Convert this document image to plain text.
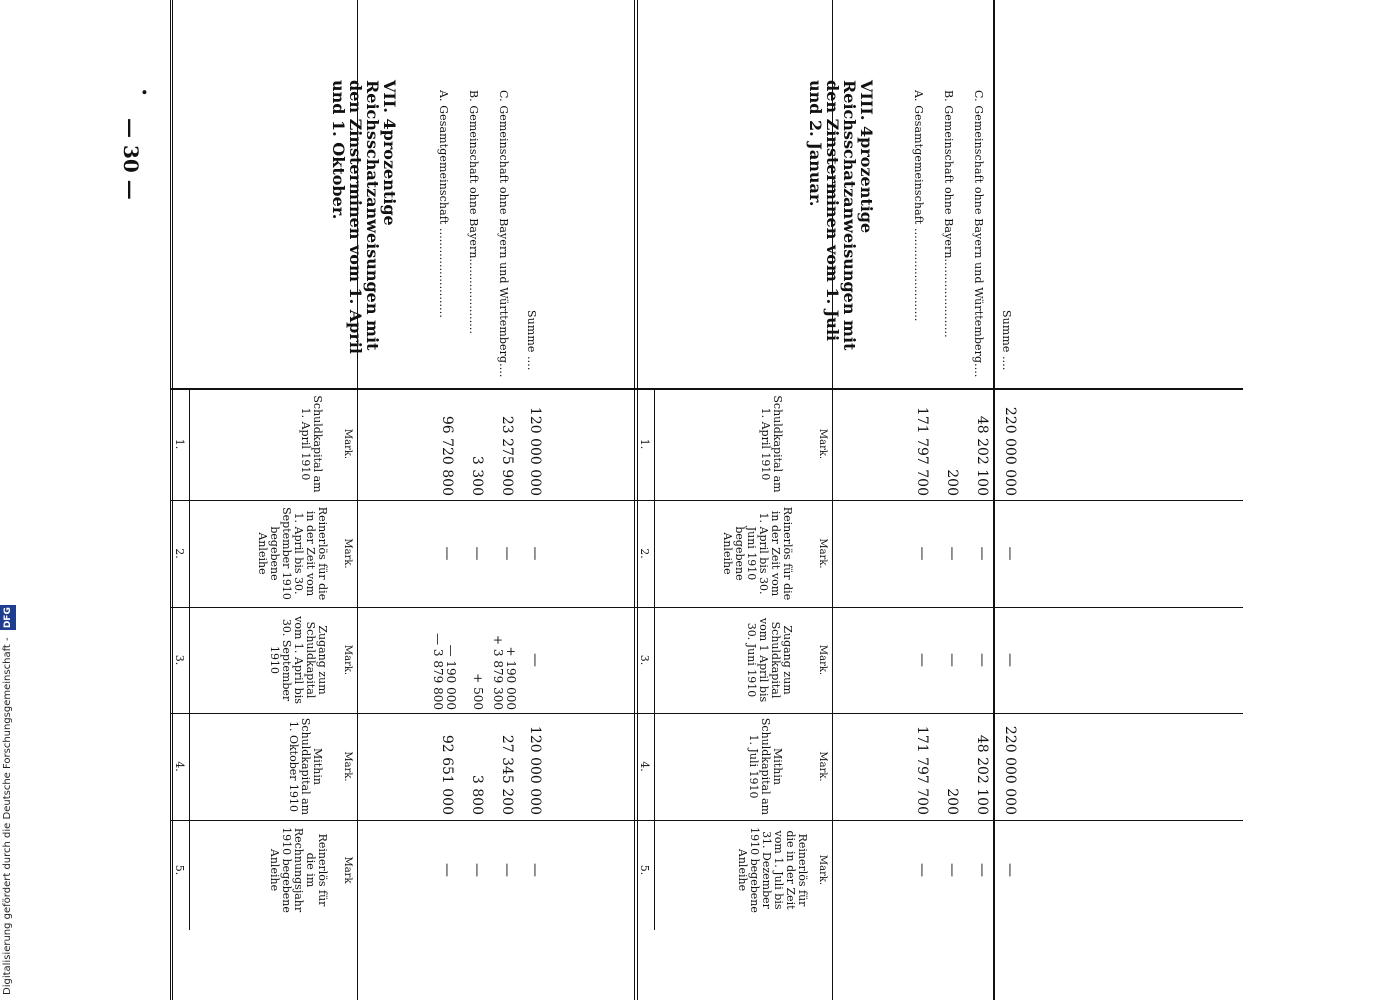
— 30 —
•
1.
2.
3.
4.
5.
Schuldkapital am 1. April 1910
Reinerlös für die in der Zeit vom 1. April bis 30. September 1910 begebene Anleihe
Zugang zum Schuldkapital vom 1. April bis 30. September 1910
Mithin Schuldkapital am 1. Oktober 1910
Reinerlös für die im Rechnungsjahr 1910 begebene Anleihe
Mark.
Mark.
Mark.
Mark.
Mark
VII. 4prozentige Reichsschatzanweisungen mit den Zinsterminen vom 1. April und 1. Oktober.	A. Gesamtgemeinschaft ......................... B. Gemeinschaft ohne Bayern..................... C. Gemeinschaft ohne Bayern und Württemberg.... Summe ....
96 720 800 3 300 23 275 900 120 000 000
— — — —
— 3 879 800 — 190 000 + 500 + 3 879 300 + 190 000 —
92 651 000 3 800 27 345 200 120 000 000
— — — —
1.
2.
3.
4.
5.
Schuldkapital am 1. April 1910
Reinerlös für die in der Zeit vom 1. April bis 30. Juni 1910 begebene Anleihe
Zugang zum Schuldkapital vom 1 April bis 30. Juni 1910
Mithin Schuldkapital am 1. Juli 1910
Reinerlös für die in der Zeit vom 1. Juli bis 31. Dezember 1910 begebene Anleihe
Mark.
Mark.
Mark.
Mark.
Mark.
VIII. 4prozentige Reichsschatzanweisungen mit den Zinsterminen vom 1. Juli und 2. Januar.	A. Gesamtgemeinschaft .......................... B. Gemeinschaft ohne Bayern...................... C. Gemeinschaft ohne Bayern und Württemberg.... Summe ....
171 797 700 200 48 202 100 220 000 000
— — — —
— — — —
171 797 700 200 48 202 100 220 000 000
— — — —
Digitalisierung gefördert durch die Deutsche Forschungsgemeinschaft - DFG
